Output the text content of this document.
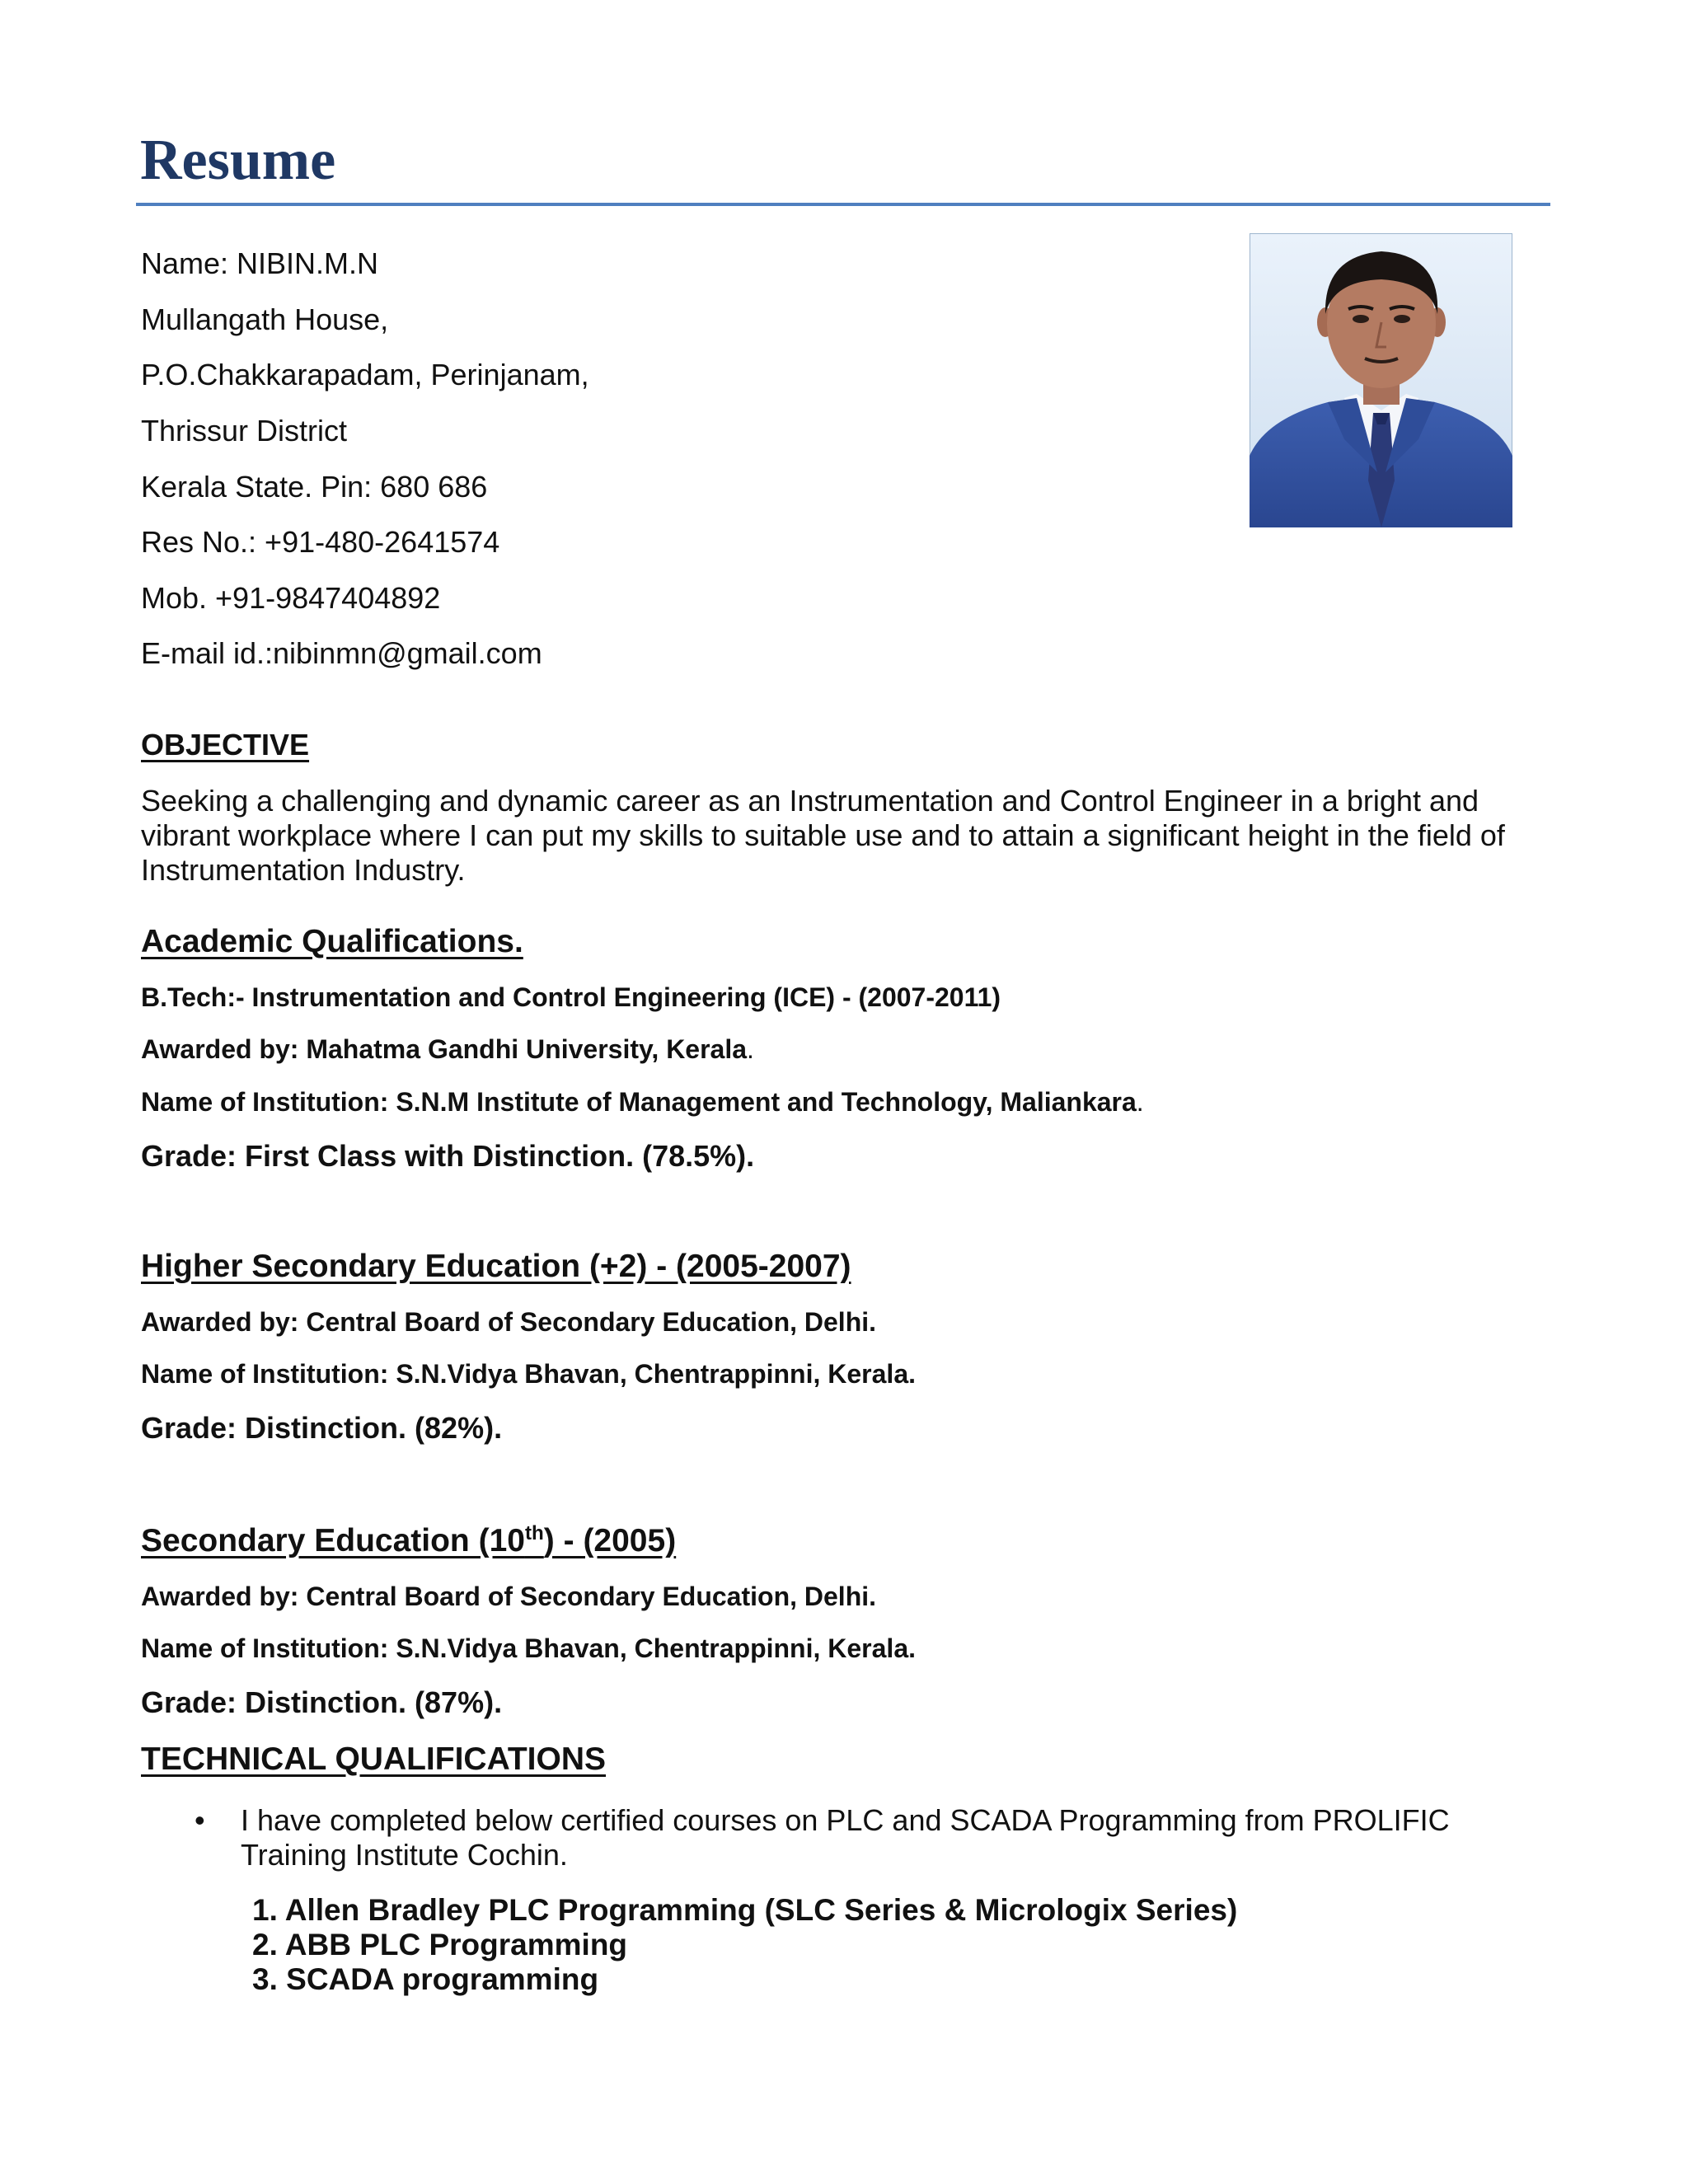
Resume

Name: NIBIN.M.N

Mullangath House,

P.O.Chakkarapadam, Perinjanam,

Thrissur District

Kerala State. Pin: 680 686

Res No.: +91-480-2641574

Mob. +91-9847404892

E-mail id.:nibinmn@gmail.com

OBJECTIVE

Seeking a challenging and dynamic career as an Instrumentation and Control Engineer in a bright and vibrant workplace where I can put my skills to suitable use and to attain a significant height in the field of Instrumentation Industry.

Academic Qualifications.

B.Tech:- Instrumentation and Control Engineering (ICE) - (2007-2011)

Awarded by: Mahatma Gandhi University, Kerala.

Name of Institution: S.N.M Institute of Management and Technology, Maliankara.

Grade: First Class with Distinction. (78.5%).

Higher Secondary Education (+2) - (2005-2007)

Awarded by: Central Board of Secondary Education, Delhi.

Name of Institution: S.N.Vidya Bhavan, Chentrappinni, Kerala.

Grade: Distinction. (82%).

Secondary Education (10th) - (2005)

Awarded by: Central Board of Secondary Education, Delhi.

Name of Institution: S.N.Vidya Bhavan, Chentrappinni, Kerala.

Grade: Distinction. (87%).

TECHNICAL QUALIFICATIONS
• I have completed below certified courses on PLC and SCADA Programming from PROLIFIC Training Institute Cochin.

1. Allen Bradley PLC Programming (SLC Series & Micrologix Series)

2. ABB PLC Programming

3. SCADA programming
